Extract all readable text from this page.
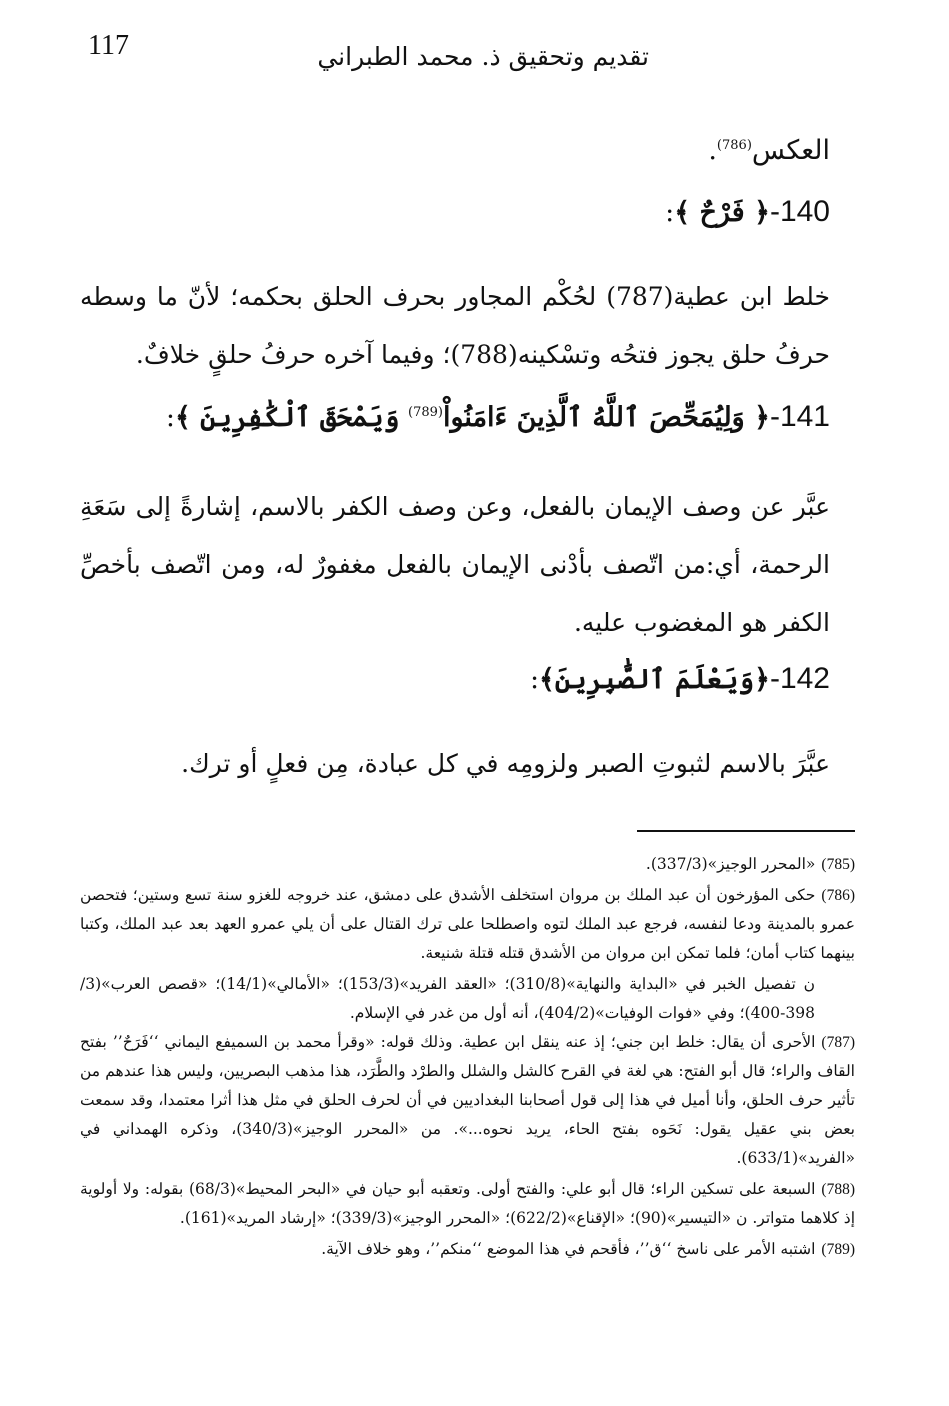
117	تقديم وتحقيق ذ. محمد الطبراني

العكس$^{(786)}$.

140-﴿ فَرْحٌ ﴾:

خلط ابن عطية(787) لحُكْم المجاور بحرف الحلق بحكمه؛ لأنّ ما وسطه حرفُ حلق يجوز فتحُه وتسْكينه(788)؛ وفيما آخره حرفُ حلقٍ خلافٌ.

141-﴿ وَلِيُمَحِّصَ ٱللَّهُ ٱلَّذِينَ ءَامَنُواْ$^{(789)}$ وَيَمْحَقَ ٱلْكَٰفِرِينَ ﴾:

عبَّر عن وصف الإيمان بالفعل، وعن وصف الكفر بالاسم، إشارةً إلى سَعَةِ الرحمة، أي:من اتّصف بأدْنى الإيمان بالفعل مغفورٌ له، ومن اتّصف بأخصِّ الكفر هو المغضوب عليه.

142-﴿وَيَعْلَمَ ٱلصَّٰبِرِينَ﴾:

عبَّرَ بالاسم لثبوتِ الصبر ولزومِه في كل عبادة، مِن فعلٍ أو ترك.

(785)«المحرر الوجيز»(337/3).

(786)حكى المؤرخون أن عبد الملك بن مروان استخلف الأشدق على دمشق، عند خروجه للغزو سنة تسع وستين؛ فتحصن عمرو بالمدينة ودعا لنفسه، فرجع عبد الملك لتوه واصطلحا على ترك القتال على أن يلي عمرو العهد بعد عبد الملك، وكتبا بينهما كتاب أمان؛ فلما تمكن ابن مروان من الأشدق قتله قتلة شنيعة.

ن تفصيل الخبر في «البداية والنهاية»(310/8)؛ «العقد الفريد»(153/3)؛ «الأمالي»(14/1)؛ «قصص العرب»(3/ 398-400)؛ وفي «فوات الوفيات»(404/2)، أنه أول من غدر في الإسلام.

(787)الأحرى أن يقال: خلط ابن جني؛ إذ عنه ينقل ابن عطية. وذلك قوله: «وقرأ محمد بن السميفع اليماني ‘‘فَرَحٌ’’ بفتح القاف والراء؛ قال أبو الفتح: هي لغة في القرح كالشل والشلل والطرْد والطَّرَد، هذا مذهب البصريين، وليس هذا عندهم من تأثير حرف الحلق، وأنا أميل في هذا إلى قول أصحابنا البغداديين في أن لحرف الحلق في مثل هذا أثرا معتمدا، وقد سمعت بعض بني عقيل يقول: نَحَوه بفتح الحاء، يريد نحوه...». من «المحرر الوجيز»(340/3)، وذكره الهمداني في «الفريد»(633/1).

(788)السبعة على تسكين الراء؛ قال أبو علي: والفتح أولى. وتعقبه أبو حيان في «البحر المحيط»(68/3) بقوله: ولا أولوية إذ كلاهما متواتر. ن «التيسير»(90)؛ «الإقناع»(622/2)؛ «المحرر الوجيز»(339/3)؛ «إرشاد المريد»(161).

(789)اشتبه الأمر على ناسخ ‘‘ق’’، فأقحم في هذا الموضع ‘‘منكم’’، وهو خلاف الآية.
